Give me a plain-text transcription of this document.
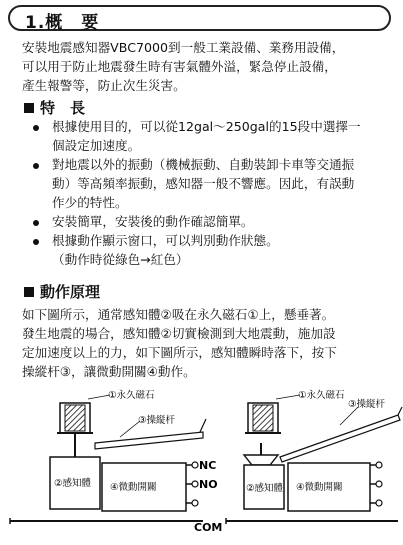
1.概　要
安裝地震感知器VBC7000到一般工業設備、業務用設備，
可以用于防止地震發生時有害氣體外溢，緊急停止設備，
產生報警等，防止次生災害。
特　長
根據使用目的，可以從12gal～250gal的15段中選擇一
個設定加速度。
對地震以外的振動（機械振動、自動裝卸卡車等交通振
動）等高頻率振動，感知器一般不響應。因此，有誤動
作少的特性。
安裝簡單，安裝後的動作確認簡單。
根據動作顯示窗口，可以判別動作狀態。
（動作時從綠色→紅色）
動作原理
如下圖所示，通常感知體②吸在永久磁石①上，懸垂著。
發生地震的場合，感知體②切實檢測到大地震動，施加設
定加速度以上的力，如下圖所示，感知體瞬時落下，按下
操縱杆③，讓微動開關④動作。
①永久磁石
③操縦杆
②感知體 ④微動開關
NC
NO
COM
①永久磁石
③操縦杆
②感知體 ④微動開關
